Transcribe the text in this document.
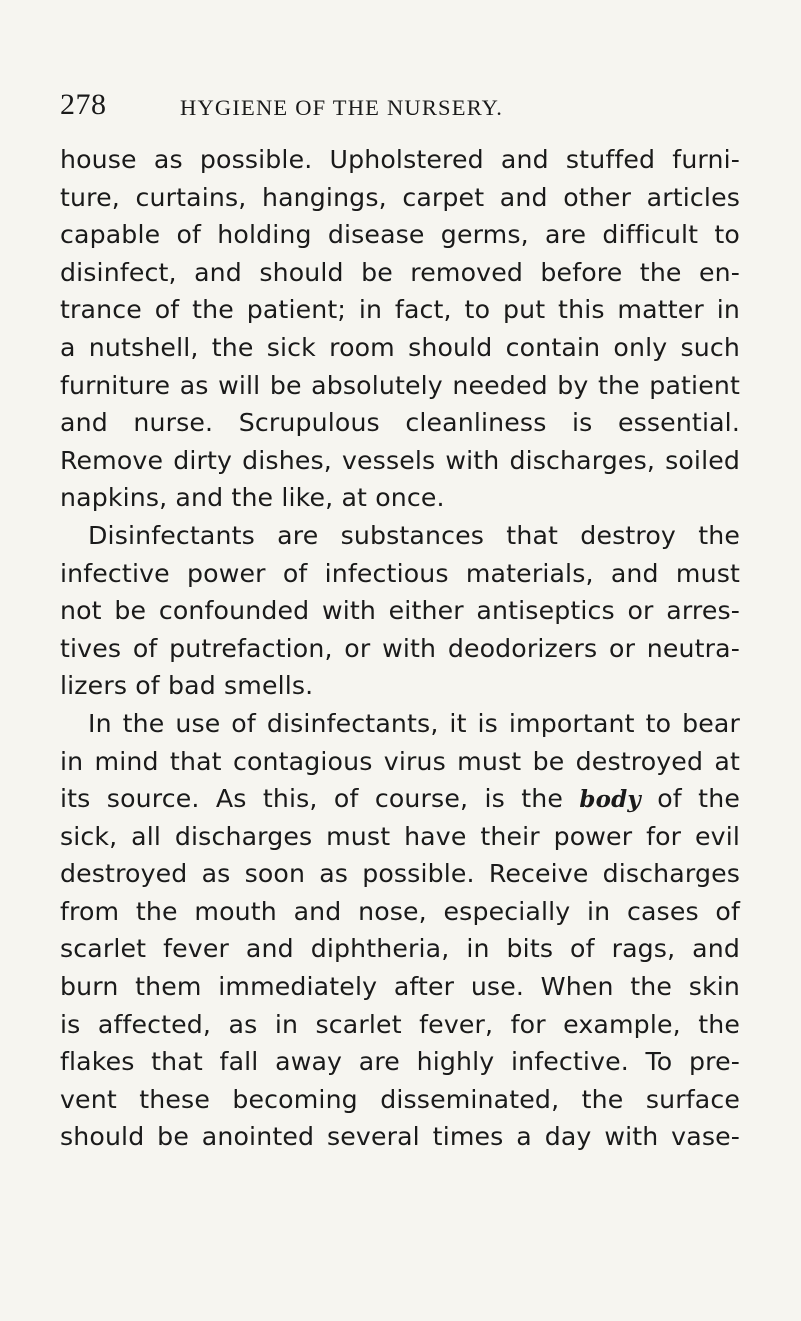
278	HYGIENE OF THE NURSERY.
house as possible. Upholstered and stuffed furni-
ture, curtains, hangings, carpet and other articles
capable of holding disease germs, are difficult to
disinfect, and should be removed before the en-
trance of the patient; in fact, to put this matter in
a nutshell, the sick room should contain only such
furniture as will be absolutely needed by the patient
and nurse. Scrupulous cleanliness is essential.
Remove dirty dishes, vessels with discharges, soiled
napkins, and the like, at once.
Disinfectants are substances that destroy the
infective power of infectious materials, and must
not be confounded with either antiseptics or arres-
tives of putrefaction, or with deodorizers or neutra-
lizers of bad smells.
In the use of disinfectants, it is important to bear
in mind that contagious virus must be destroyed at
its source. As this, of course, is the body of the
sick, all discharges must have their power for evil
destroyed as soon as possible. Receive discharges
from the mouth and nose, especially in cases of
scarlet fever and diphtheria, in bits of rags, and
burn them immediately after use. When the skin
is affected, as in scarlet fever, for example, the
flakes that fall away are highly infective. To pre-
vent these becoming disseminated, the surface
should be anointed several times a day with vase-
